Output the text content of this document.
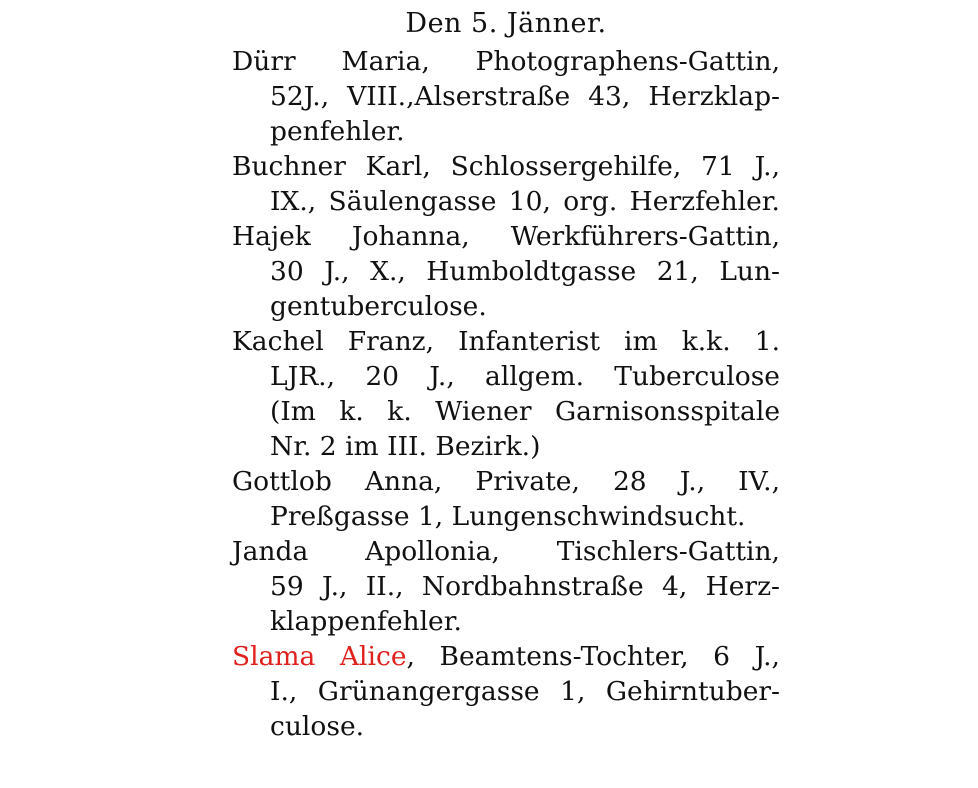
Den 5. Jänner.
Dürr Maria, Photographens-Gattin,
52J., VIII.,Alserstraße 43, Herzklap-
penfehler.
Buchner Karl, Schlossergehilfe, 71 J.,
IX., Säulengasse 10, org. Herzfehler.
Hajek Johanna, Werkführers-Gattin,
30 J., X., Humboldtgasse 21, Lun-
gentuberculose.
Kachel Franz, Infanterist im k.k. 1.
LJR., 20 J., allgem. Tuberculose
(Im k. k. Wiener Garnisonsspitale
Nr. 2 im III. Bezirk.)
Gottlob Anna, Private, 28 J., IV.,
Preßgasse 1, Lungenschwindsucht.
Janda Apollonia, Tischlers-Gattin,
59 J., II., Nordbahnstraße 4, Herz-
klappenfehler.
Slama Alice, Beamtens-Tochter, 6 J.,
I., Grünangergasse 1, Gehirntuber-
culose.
